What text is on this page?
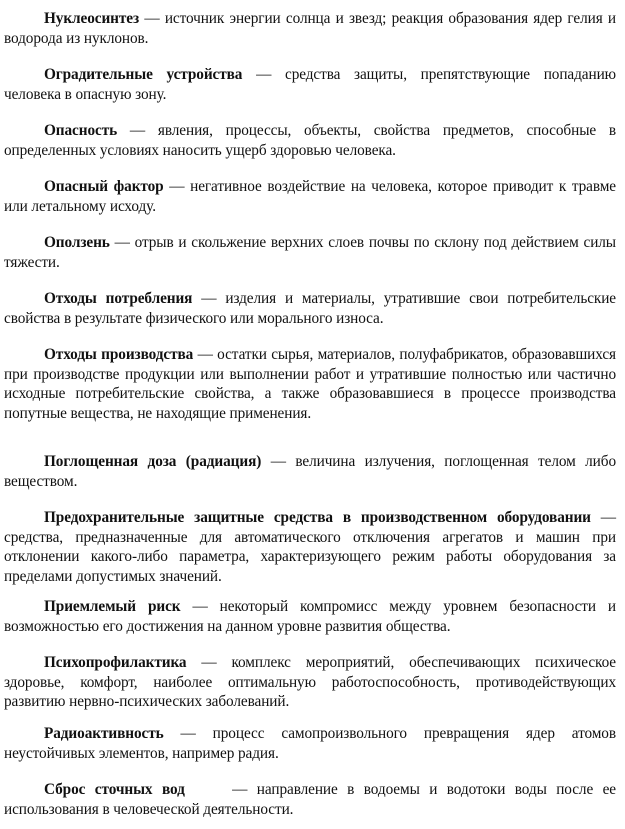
Нуклеосинтез — источник энергии солнца и звезд; реакция образования ядер гелия и водорода из нуклонов.

Оградительные устройства — средства защиты, препятствующие попаданию человека в опасную зону.

Опасность — явления, процессы, объекты, свойства предметов, способные в определенных условиях наносить ущерб здоровью человека.

Опасный фактор — негативное воздействие на человека, которое приводит к травме или летальному исходу.

Оползень — отрыв и скольжение верхних слоев почвы по склону под действием силы тяжести.

Отходы потребления — изделия и материалы, утратившие свои потребительские свойства в результате физического или морального износа.

Отходы производства — остатки сырья, материалов, полуфабрикатов, образовавшихся при производстве продукции или выполнении работ и утратившие полностью или частично исходные потребительские свойства, а также образовавшиеся в процессе производства попутные вещества, не находящие применения.

Поглощенная доза (радиация) — величина излучения, поглощенная телом либо веществом.

Предохранительные защитные средства в производственном оборудовании — средства, предназначенные для автоматического отключения агрегатов и машин при отклонении какого-либо параметра, характеризующего режим работы оборудования за пределами допустимых значений.

Приемлемый риск — некоторый компромисс между уровнем безопасности и возможностью его достижения на данном уровне развития общества.

Психопрофилактика — комплекс мероприятий, обеспечивающих психическое здоровье, комфорт, наиболее оптимальную работоспособность, противодействующих развитию нервно-психических заболеваний.

Радиоактивность — процесс самопроизвольного превращения ядер атомов неустойчивых элементов, например радия.

Сброс сточных вод     — направление в водоемы и водотоки воды после ее использования в человеческой деятельности.
